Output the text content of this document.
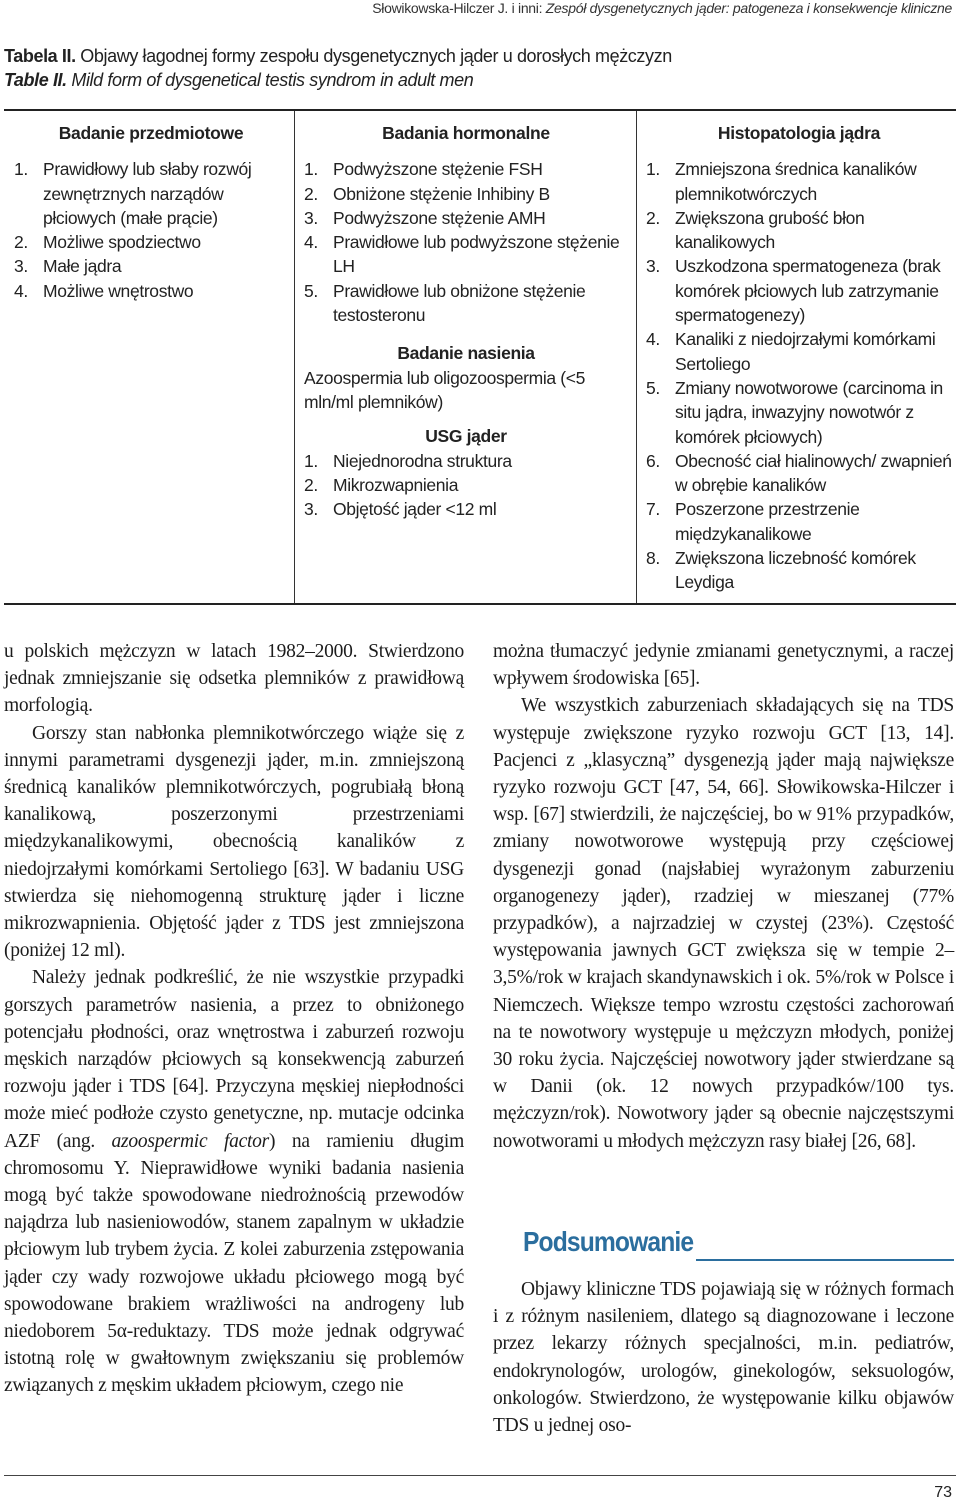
Słowikowska-Hilczer J. i inni: Zespół dysgenetycznych jąder: patogeneza i konsekwencje kliniczne
Tabela II. Objawy łagodnej formy zespołu dysgenetycznych jąder u dorosłych mężczyzn
Table II. Mild form of dysgenetical testis syndrom in adult men
Badanie przedmiotowe
1. Prawidłowy lub słaby rozwój zewnętrznych narządów płciowych (małe prącie)
2. Możliwe spodziectwo
3. Małe jądra
4. Możliwe wnętrostwo
Badania hormonalne
1. Podwyższone stężenie FSH
2. Obniżone stężenie Inhibiny B
3. Podwyższone stężenie AMH
4. Prawidłowe lub podwyższone stężenie LH
5. Prawidłowe lub obniżone stężenie testosteronu
Badanie nasienia
Azoospermia lub oligozoospermia (<5 mln/ml plemników)
USG jąder
1. Niejednorodna struktura
2. Mikrozwapnienia
3. Objętość jąder <12 ml
Histopatologia jądra
1. Zmniejszona średnica kanalików plemnikotwórczych
2. Zwiększona grubość błon kanalikowych
3. Uszkodzona spermatogeneza (brak komórek płciowych lub zatrzymanie spermatogenezy)
4. Kanaliki z niedojrzałymi komórkami Sertoliego
5. Zmiany nowotworowe (carcinoma in situ jądra, inwazyjny nowotwór z komórek płciowych)
6. Obecność ciał hialinowych/ zwapnień w obrębie kanalików
7. Poszerzone przestrzenie międzykanalikowe
8. Zwiększona liczebność komórek Leydiga

u polskich mężczyzn w latach 1982–2000. Stwierdzono jednak zmniejszanie się odsetka plemników z prawidłową morfologią.

Gorszy stan nabłonka plemnikotwórczego wiąże się z innymi parametrami dysgenezji jąder, m.in. zmniejszoną średnicą kanalików plemnikotwórczych, pogrubiałą błoną kanalikową, poszerzonymi przestrzeniami międzykanalikowymi, obecnością kanalików z niedojrzałymi komórkami Sertoliego [63]. W badaniu USG stwierdza się niehomogenną strukturę jąder i liczne mikrozwapnienia. Objętość jąder z TDS jest zmniejszona (poniżej 12 ml).

Należy jednak podkreślić, że nie wszystkie przypadki gorszych parametrów nasienia, a przez to obniżonego potencjału płodności, oraz wnętrostwa i zaburzeń rozwoju męskich narządów płciowych są konsekwencją zaburzeń rozwoju jąder i TDS [64]. Przyczyna męskiej niepłodności może mieć podłoże czysto genetyczne, np. mutacje odcinka AZF (ang. azoospermic factor) na ramieniu długim chromosomu Y. Nieprawidłowe wyniki badania nasienia mogą być także spowodowane niedrożnością przewodów najądrza lub nasieniowodów, stanem zapalnym w układzie płciowym lub trybem życia. Z kolei zaburzenia zstępowania jąder czy wady rozwojowe układu płciowego mogą być spowodowane brakiem wrażliwości na androgeny lub niedoborem 5α-reduktazy. TDS może jednak odgrywać istotną rolę w gwałtownym zwiększaniu się problemów związanych z męskim układem płciowym, czego nie

można tłumaczyć jedynie zmianami genetycznymi, a raczej wpływem środowiska [65].

We wszystkich zaburzeniach składających się na TDS występuje zwiększone ryzyko rozwoju GCT [13, 14]. Pacjenci z „klasyczną” dysgenezją jąder mają największe ryzyko rozwoju GCT [47, 54, 66]. Słowikowska-Hilczer i wsp. [67] stwierdzili, że najczęściej, bo w 91% przypadków, zmiany nowotworowe występują przy częściowej dysgenezji gonad (najsłabiej wyrażonym zaburzeniu organogenezy jąder), rzadziej w mieszanej (77% przypadków), a najrzadziej w czystej (23%). Częstość występowania jawnych GCT zwiększa się w tempie 2–3,5%/rok w krajach skandynawskich i ok. 5%/rok w Polsce i Niemczech. Większe tempo wzrostu częstości zachorowań na te nowotwory występuje u mężczyzn młodych, poniżej 30 roku życia. Najczęściej nowotwory jąder stwierdzane są w Danii (ok. 12 nowych przypadków/100 tys. mężczyzn/rok). Nowotwory jąder są obecnie najczęstszymi nowotworami u młodych mężczyzn rasy białej [26, 68].

Podsumowanie

Objawy kliniczne TDS pojawiają się w różnych formach i z różnym nasileniem, dlatego są diagnozowane i leczone przez lekarzy różnych specjalności, m.in. pediatrów, endokrynologów, urologów, ginekologów, seksuologów, onkologów. Stwierdzono, że występowanie kilku objawów TDS u jednej oso-

73
